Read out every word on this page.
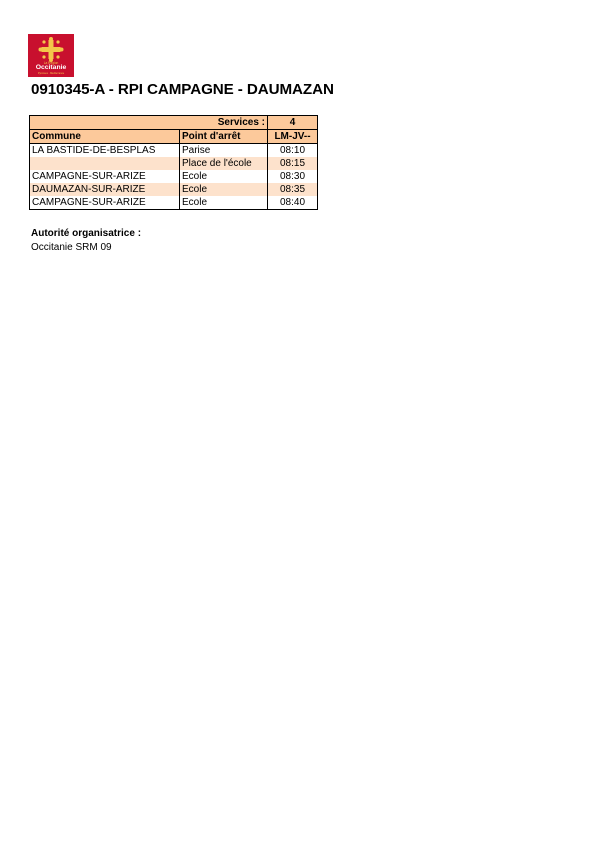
La Région
Occitanie
Pyrénées · Méditerranée
0910345-A - RPI CAMPAGNE - DAUMAZAN
Services :		4
Commune	Point d'arrêt	LM-JV--
LA BASTIDE-DE-BESPLAS	Parise	08:10
	Place de l'école	08:15
CAMPAGNE-SUR-ARIZE	Ecole	08:30
DAUMAZAN-SUR-ARIZE	Ecole	08:35
CAMPAGNE-SUR-ARIZE	Ecole	08:40
Autorité organisatrice :
Occitanie SRM 09
